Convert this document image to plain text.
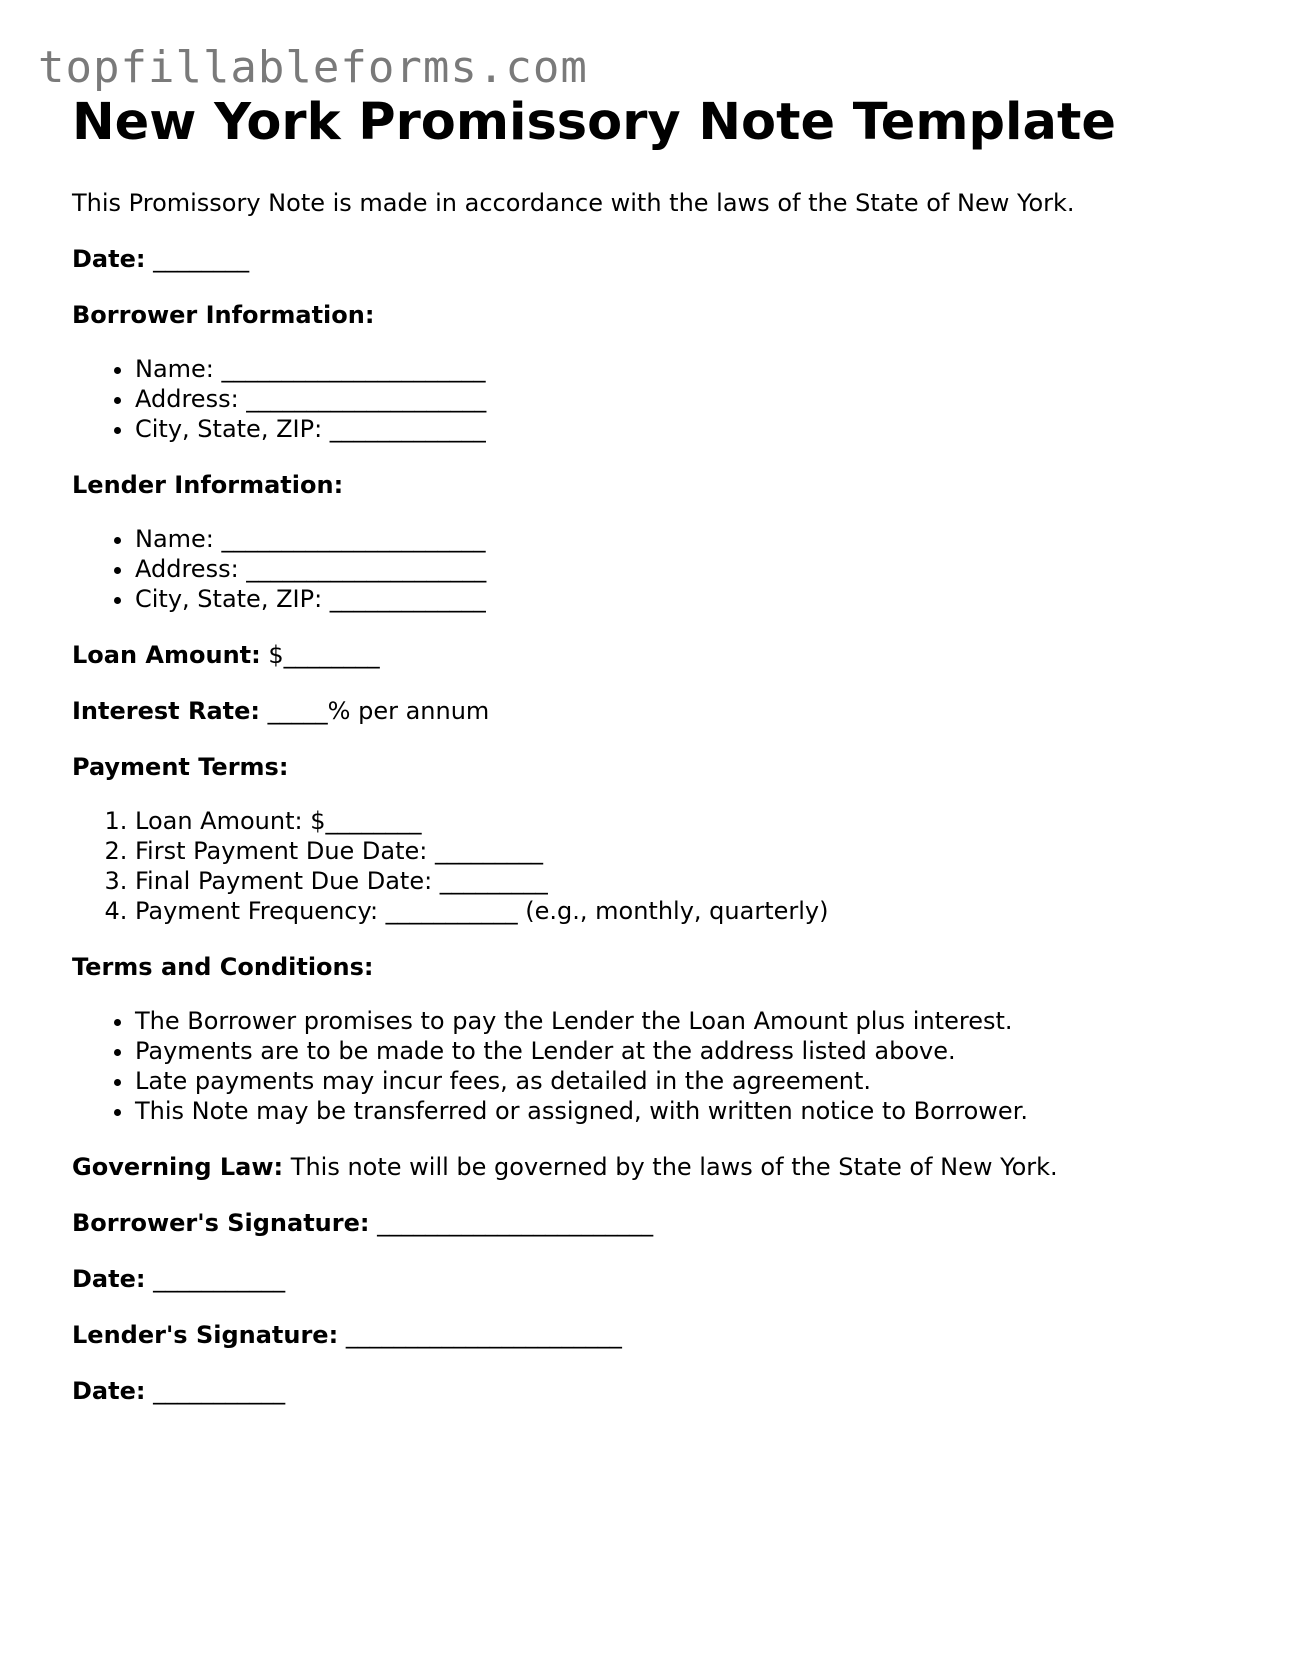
topfillableforms.com
New York Promissory Note Template

This Promissory Note is made in accordance with the laws of the State of New York.

Date: ________

Borrower Information:

• Name: ______________________
• Address: ____________________
• City, State, ZIP: _____________

Lender Information:

• Name: ______________________
• Address: ____________________
• City, State, ZIP: _____________

Loan Amount: $________

Interest Rate: _____% per annum

Payment Terms:

1. Loan Amount: $________
2. First Payment Due Date: _________
3. Final Payment Due Date: _________
4. Payment Frequency: ___________ (e.g., monthly, quarterly)

Terms and Conditions:

• The Borrower promises to pay the Lender the Loan Amount plus interest.
• Payments are to be made to the Lender at the address listed above.
• Late payments may incur fees, as detailed in the agreement.
• This Note may be transferred or assigned, with written notice to Borrower.

Governing Law: This note will be governed by the laws of the State of New York.

Borrower's Signature: _______________________

Date: ___________

Lender's Signature: _______________________

Date: ___________
